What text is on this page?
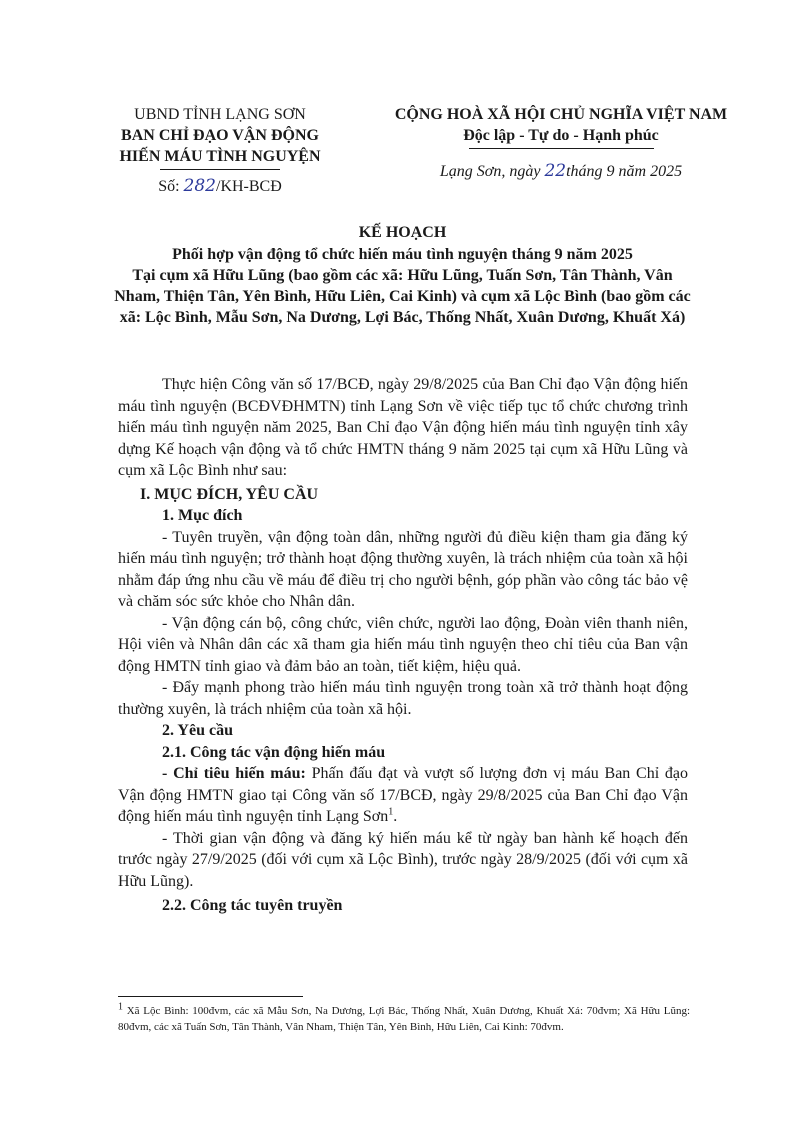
UBND TỈNH LẠNG SƠN
BAN CHỈ ĐẠO VẬN ĐỘNG
HIẾN MÁU TÌNH NGUYỆN
Số: 282/KH-BCĐ
CỘNG HOÀ XÃ HỘI CHỦ NGHĨA VIỆT NAM
Độc lập - Tự do - Hạnh phúc
Lạng Sơn, ngày 22tháng 9 năm 2025
KẾ HOẠCH
Phối hợp vận động tổ chức hiến máu tình nguyện tháng 9 năm 2025
Tại cụm xã Hữu Lũng (bao gồm các xã: Hữu Lũng, Tuấn Sơn, Tân Thành, Vân Nham, Thiện Tân, Yên Bình, Hữu Liên, Cai Kinh) và cụm xã Lộc Bình (bao gồm các xã: Lộc Bình, Mẫu Sơn, Na Dương, Lợi Bác, Thống Nhất, Xuân Dương, Khuất Xá)

Thực hiện Công văn số 17/BCĐ, ngày 29/8/2025 của Ban Chỉ đạo Vận động hiến máu tình nguyện (BCĐVĐHMTN) tỉnh Lạng Sơn về việc tiếp tục tổ chức chương trình hiến máu tình nguyện năm 2025, Ban Chỉ đạo Vận động hiến máu tình nguyện tỉnh xây dựng Kế hoạch vận động và tổ chức HMTN tháng 9 năm 2025 tại cụm xã Hữu Lũng và cụm xã Lộc Bình như sau:

I. MỤC ĐÍCH, YÊU CẦU

1. Mục đích

- Tuyên truyền, vận động toàn dân, những người đủ điều kiện tham gia đăng ký hiến máu tình nguyện; trở thành hoạt động thường xuyên, là trách nhiệm của toàn xã hội nhằm đáp ứng nhu cầu về máu để điều trị cho người bệnh, góp phần vào công tác bảo vệ và chăm sóc sức khỏe cho Nhân dân.

- Vận động cán bộ, công chức, viên chức, người lao động, Đoàn viên thanh niên, Hội viên và Nhân dân các xã tham gia hiến máu tình nguyện theo chỉ tiêu của Ban vận động HMTN tỉnh giao và đảm bảo an toàn, tiết kiệm, hiệu quả.

- Đẩy mạnh phong trào hiến máu tình nguyện trong toàn xã trở thành hoạt động thường xuyên, là trách nhiệm của toàn xã hội.

2. Yêu cầu

2.1. Công tác vận động hiến máu

- Chỉ tiêu hiến máu: Phấn đấu đạt và vượt số lượng đơn vị máu Ban Chỉ đạo Vận động HMTN giao tại Công văn số 17/BCĐ, ngày 29/8/2025 của Ban Chỉ đạo Vận động hiến máu tình nguyện tỉnh Lạng Sơn$^1$.

- Thời gian vận động và đăng ký hiến máu kể từ ngày ban hành kế hoạch đến trước ngày 27/9/2025 (đối với cụm xã Lộc Bình), trước ngày 28/9/2025 (đối với cụm xã Hữu Lũng).

2.2. Công tác tuyên truyền

$^1$ Xã Lộc Bình: 100đvm, các xã Mẫu Sơn, Na Dương, Lợi Bác, Thống Nhất, Xuân Dương, Khuất Xá: 70đvm; Xã Hữu Lũng: 80đvm, các xã Tuấn Sơn, Tân Thành, Vân Nham, Thiện Tân, Yên Bình, Hữu Liên, Cai Kinh: 70đvm.
